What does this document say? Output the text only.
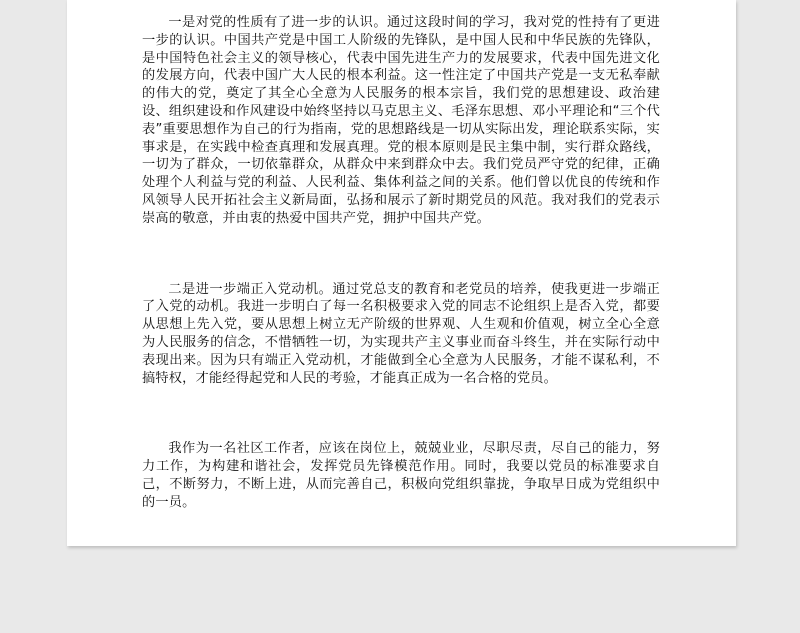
一是对党的性质有了进一步的认识。通过这段时间的学习，我对党的性持有了更进一步的认识。中国共产党是中国工人阶级的先锋队，是中国人民和中华民族的先锋队，是中国特色社会主义的领导核心，代表中国先进生产力的发展要求，代表中国先进文化的发展方向，代表中国广大人民的根本利益。这一性注定了中国共产党是一支无私奉献的伟大的党，奠定了其全心全意为人民服务的根本宗旨，我们党的思想建设、政治建设、组织建设和作风建设中始终坚持以马克思主义、毛泽东思想、邓小平理论和“三个代表”重要思想作为自己的行为指南，党的思想路线是一切从实际出发，理论联系实际，实事求是，在实践中检查真理和发展真理。党的根本原则是民主集中制，实行群众路线，一切为了群众，一切依靠群众，从群众中来到群众中去。我们党员严守党的纪律，正确处理个人利益与党的利益、人民利益、集体利益之间的关系。他们曾以优良的传统和作风领导人民开拓社会主义新局面，弘扬和展示了新时期党员的风范。我对我们的党表示崇高的敬意，并由衷的热爱中国共产党，拥护中国共产党。

二是进一步端正入党动机。通过党总支的教育和老党员的培养，使我更进一步端正了入党的动机。我进一步明白了每一名积极要求入党的同志不论组织上是否入党，都要从思想上先入党，要从思想上树立无产阶级的世界观、人生观和价值观，树立全心全意为人民服务的信念，不惜牺牲一切，为实现共产主义事业而奋斗终生，并在实际行动中表现出来。因为只有端正入党动机，才能做到全心全意为人民服务，才能不谋私利，不搞特权，才能经得起党和人民的考验，才能真正成为一名合格的党员。

我作为一名社区工作者，应该在岗位上，兢兢业业，尽职尽责，尽自己的能力，努力工作，为构建和谐社会，发挥党员先锋模范作用。同时，我要以党员的标准要求自己，不断努力，不断上进，从而完善自己，积极向党组织靠拢，争取早日成为党组织中的一员。
